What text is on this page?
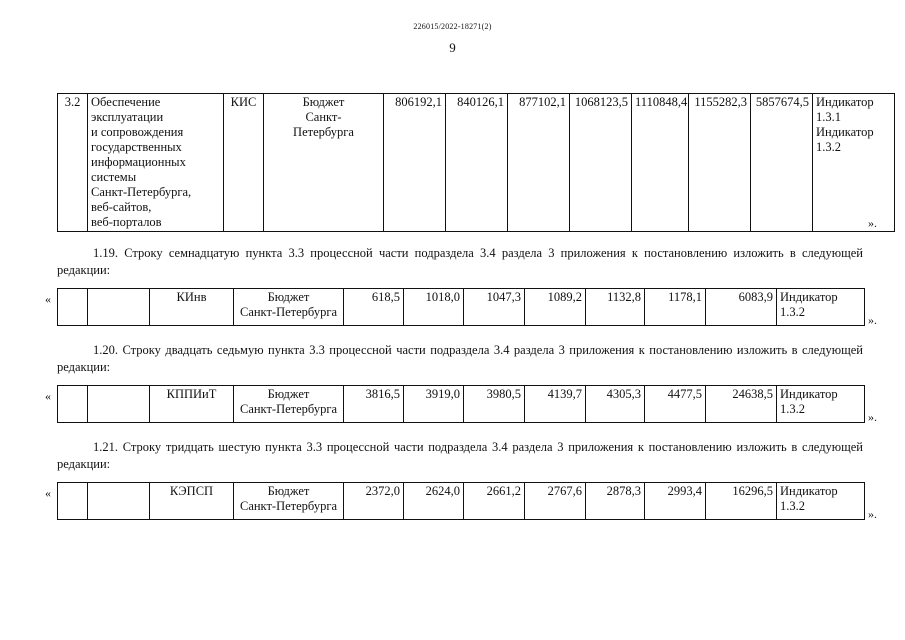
226015/2022-18271(2)
9
3.2	Обеспечение
эксплуатации
и сопровождения
государственных
информационных
системы
Санкт-Петербурга,
веб-сайтов,
веб-порталов
	КИС	Бюджет
Санкт-
Петербурга
	806192,1	840126,1	877102,1	1068123,5	1110848,4	1155282,3	5857674,5	Индикатор
1.3.1
Индикатор
1.3.2
».
1.19. Строку семнадцатую пункта 3.3 процессной части подраздела 3.4 раздела 3 приложения к постановлению изложить в следующей редакции:
«
			КИнв	Бюджет
Санкт-Петербурга
	618,5	1018,0	1047,3	1089,2	1132,8	1178,1	6083,9	Индикатор
1.3.2
».
1.20. Строку двадцать седьмую пункта 3.3 процессной части подраздела 3.4 раздела 3 приложения к постановлению изложить в следующей редакции:
«
			КППИиТ	Бюджет
Санкт-Петербурга
	3816,5	3919,0	3980,5	4139,7	4305,3	4477,5	24638,5	Индикатор
1.3.2
».
1.21. Строку тридцать шестую пункта 3.3 процессной части подраздела 3.4 раздела 3 приложения к постановлению изложить в следующей редакции:
«
			КЭПСП	Бюджет
Санкт-Петербурга
	2372,0	2624,0	2661,2	2767,6	2878,3	2993,4	16296,5	Индикатор
1.3.2
».
